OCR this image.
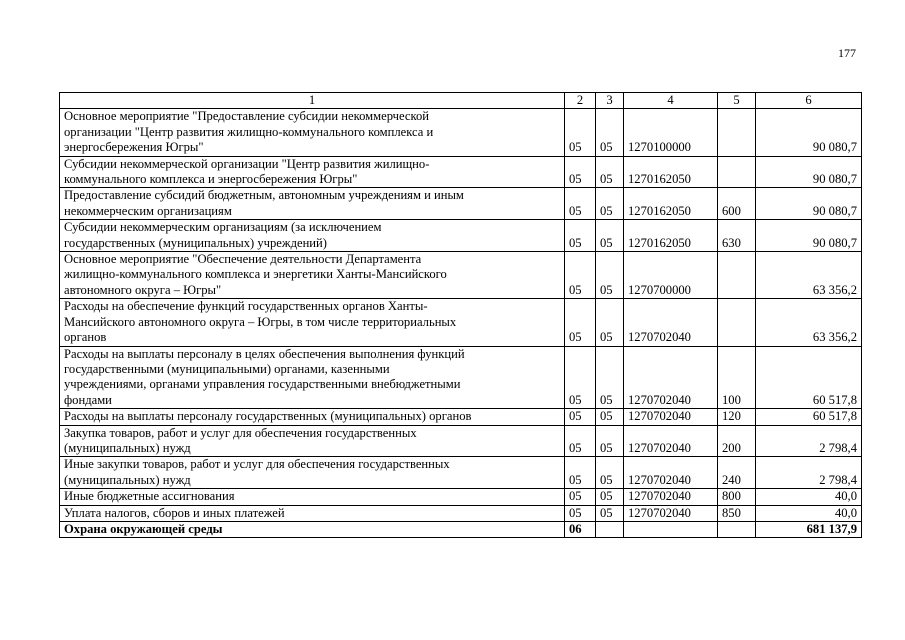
177
1	2	3	4	5	6
Основное мероприятие "Предоставление субсидии некоммерческой
организации "Центр развития жилищно-коммунального комплекса и
энергосбережения Югры"	05	05	1270100000		90 080,7
Субсидии некоммерческой организации "Центр развития жилищно-
коммунального комплекса и энергосбережения Югры"	05	05	1270162050		90 080,7
Предоставление субсидий бюджетным, автономным учреждениям и иным
некоммерческим организациям	05	05	1270162050	600	90 080,7
Субсидии некоммерческим организациям (за исключением
государственных (муниципальных) учреждений)	05	05	1270162050	630	90 080,7
Основное мероприятие "Обеспечение деятельности Департамента
жилищно-коммунального комплекса и энергетики Ханты-Мансийского
автономного округа – Югры"	05	05	1270700000		63 356,2
Расходы на обеспечение функций государственных органов Ханты-
Мансийского автономного округа – Югры, в том числе территориальных
органов	05	05	1270702040		63 356,2
Расходы на выплаты персоналу в целях обеспечения выполнения функций
государственными (муниципальными) органами, казенными
учреждениями, органами управления государственными внебюджетными
фондами	05	05	1270702040	100	60 517,8
Расходы на выплаты персоналу государственных (муниципальных) органов	05	05	1270702040	120	60 517,8
Закупка товаров, работ и услуг для обеспечения государственных
(муниципальных) нужд	05	05	1270702040	200	2 798,4
Иные закупки товаров, работ и услуг для обеспечения государственных
(муниципальных) нужд	05	05	1270702040	240	2 798,4
Иные бюджетные ассигнования	05	05	1270702040	800	40,0
Уплата налогов, сборов и иных платежей	05	05	1270702040	850	40,0
Охрана окружающей среды	06				681 137,9
